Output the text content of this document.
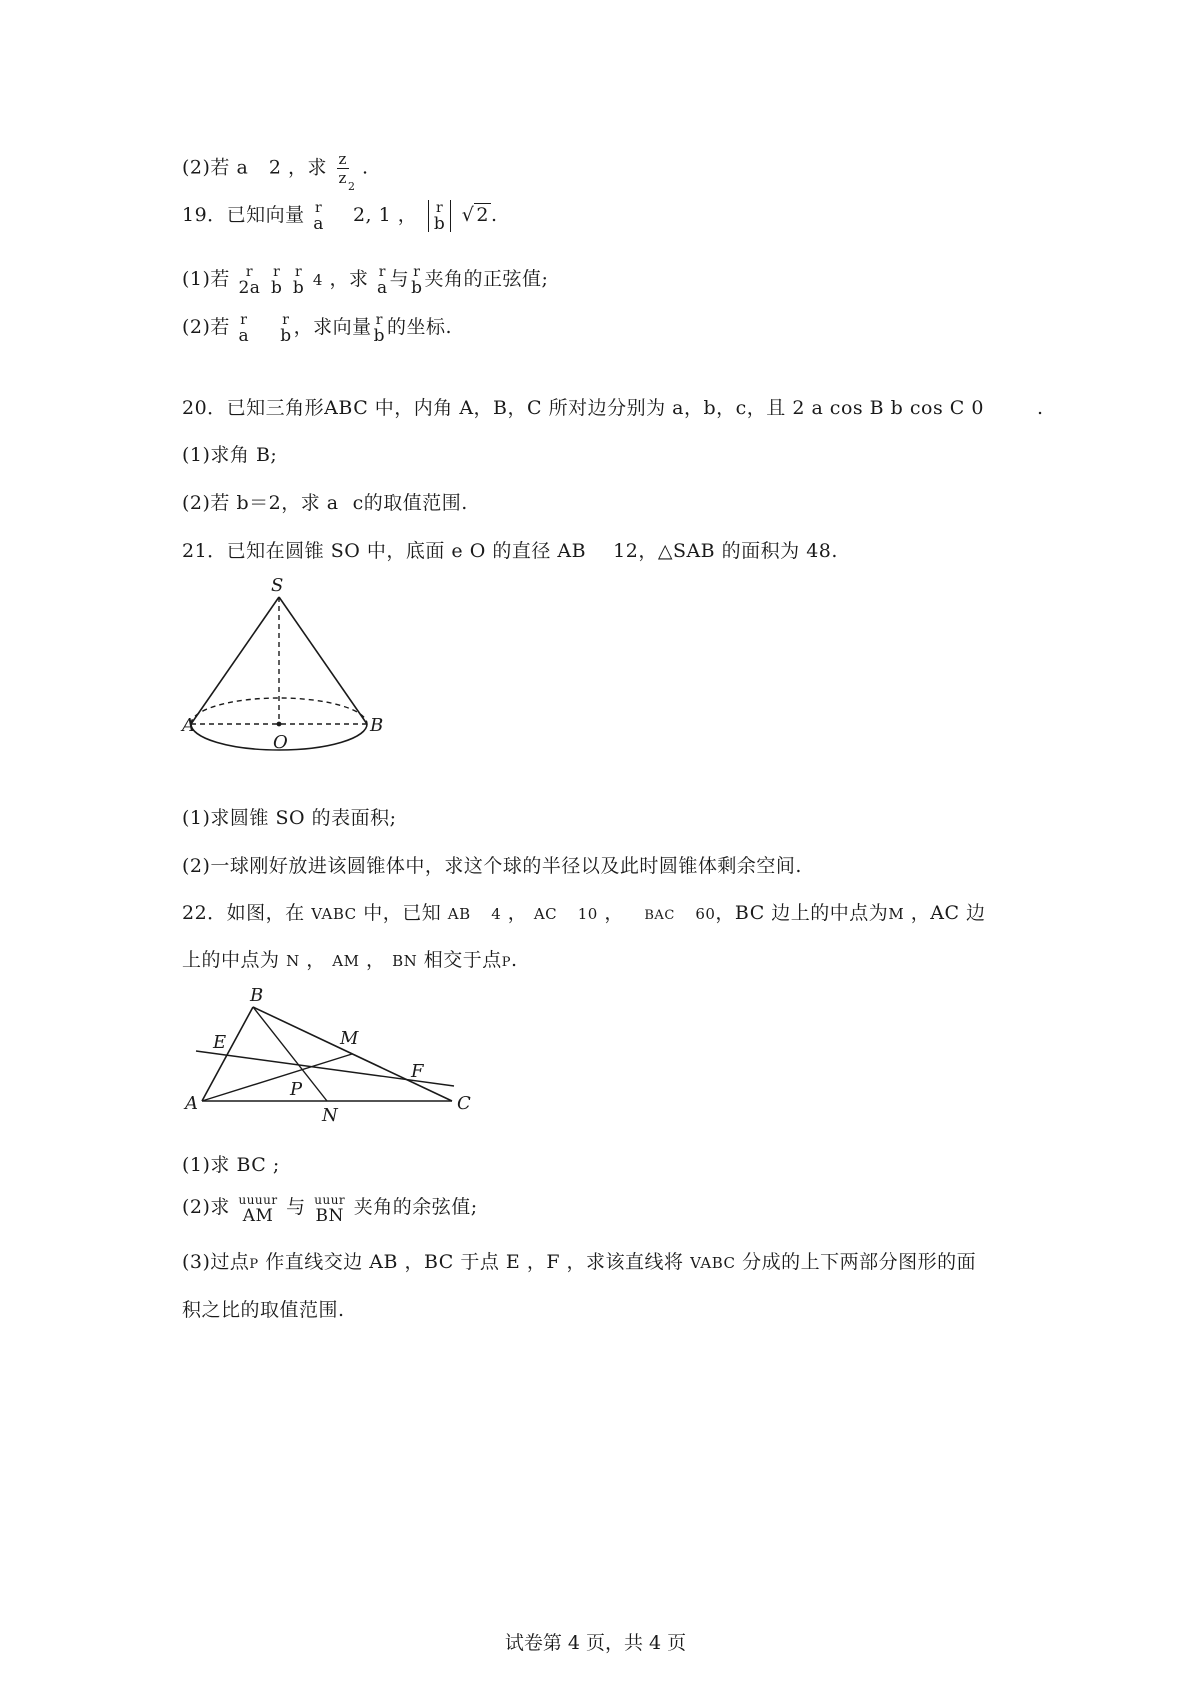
(2)若 a 2 ，求 $\frac{z}{z} _2$ .
19．已知向量 r
a 2, 1 ， r
b √ 2 .
(1)若	r
2a

r
b

r
b 4 ，求 r
a 与 r
b 夹角的正弦值;
(2)若 r
a

r
b ，求向量 r
b 的坐标.
20．已知三角形ABC 中，内角 A，B，C 所对边分别为 a，b，c，且 2 a cos B b cos C 0	.
(1)求角 B;
(2)若 b＝2，求 a c的取值范围.
21．已知在圆锥 SO 中，底面 e O 的直径 AB 12，△SAB 的面积为 48.
S
A	B
O
(1)求圆锥 SO 的表面积;
(2)一球刚好放进该圆锥体中，求这个球的半径以及此时圆锥体剩余空间.
22．如图，在 VABC 中，已知 AB 4 ， AC 10 ， BAC 60，BC 边上的中点为M ，AC 边
上的中点为 N ， AM ， BN 相交于点P.
B
A	C
E	M
F
P
N
(1)求 BC ;
(2)求 uuuur
AM 与 uuur
BN 夹角的余弦值;
(3)过点P 作直线交边 AB ，BC 于点 E ，F ，求该直线将 VABC 分成的上下两部分图形的面
积之比的取值范围.
试卷第 4 页，共 4 页
